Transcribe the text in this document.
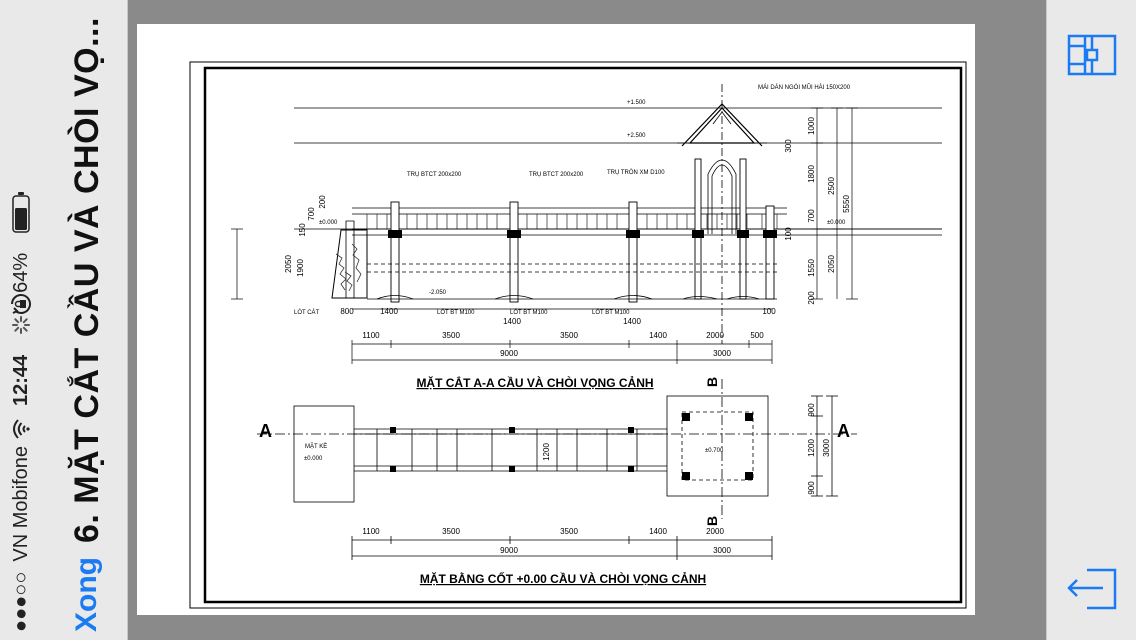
●●●○○
VN Mobifone
12:44
64%
Xong
6. MẶT CẮT CẦU VÀ CHÒI VỌ...	MÁI DÁN NGÓI MŨI HÀI 150X200
TRỤ BTCT 200x200	TRỤ BTCT 200x200	TRỤ TRÒN XM D100
LÓT CÁT	LÓT BT M100	LÓT BT M100	LÓT BT M100
MẶT KÈ
±0.000	±0.000
±0.000
±0.700
+1.500
+2.500
-2.050
1100	3500	3500	1400	2000	500
9000	3000
800	1400
1400	1400
100
1100	3500	3500	1400	2000
9000	3000
2050 1900
700
150
200
1000
300
1800
2500
5550
700
100
1550 2050
200
900
1200 3000
900
1200
A	A
B
B
MẶT CẮT A-A CẦU VÀ CHÒI VỌNG CẢNH
MẶT BẰNG CỐT +0.00 CẦU VÀ CHÒI VỌNG CẢNH
